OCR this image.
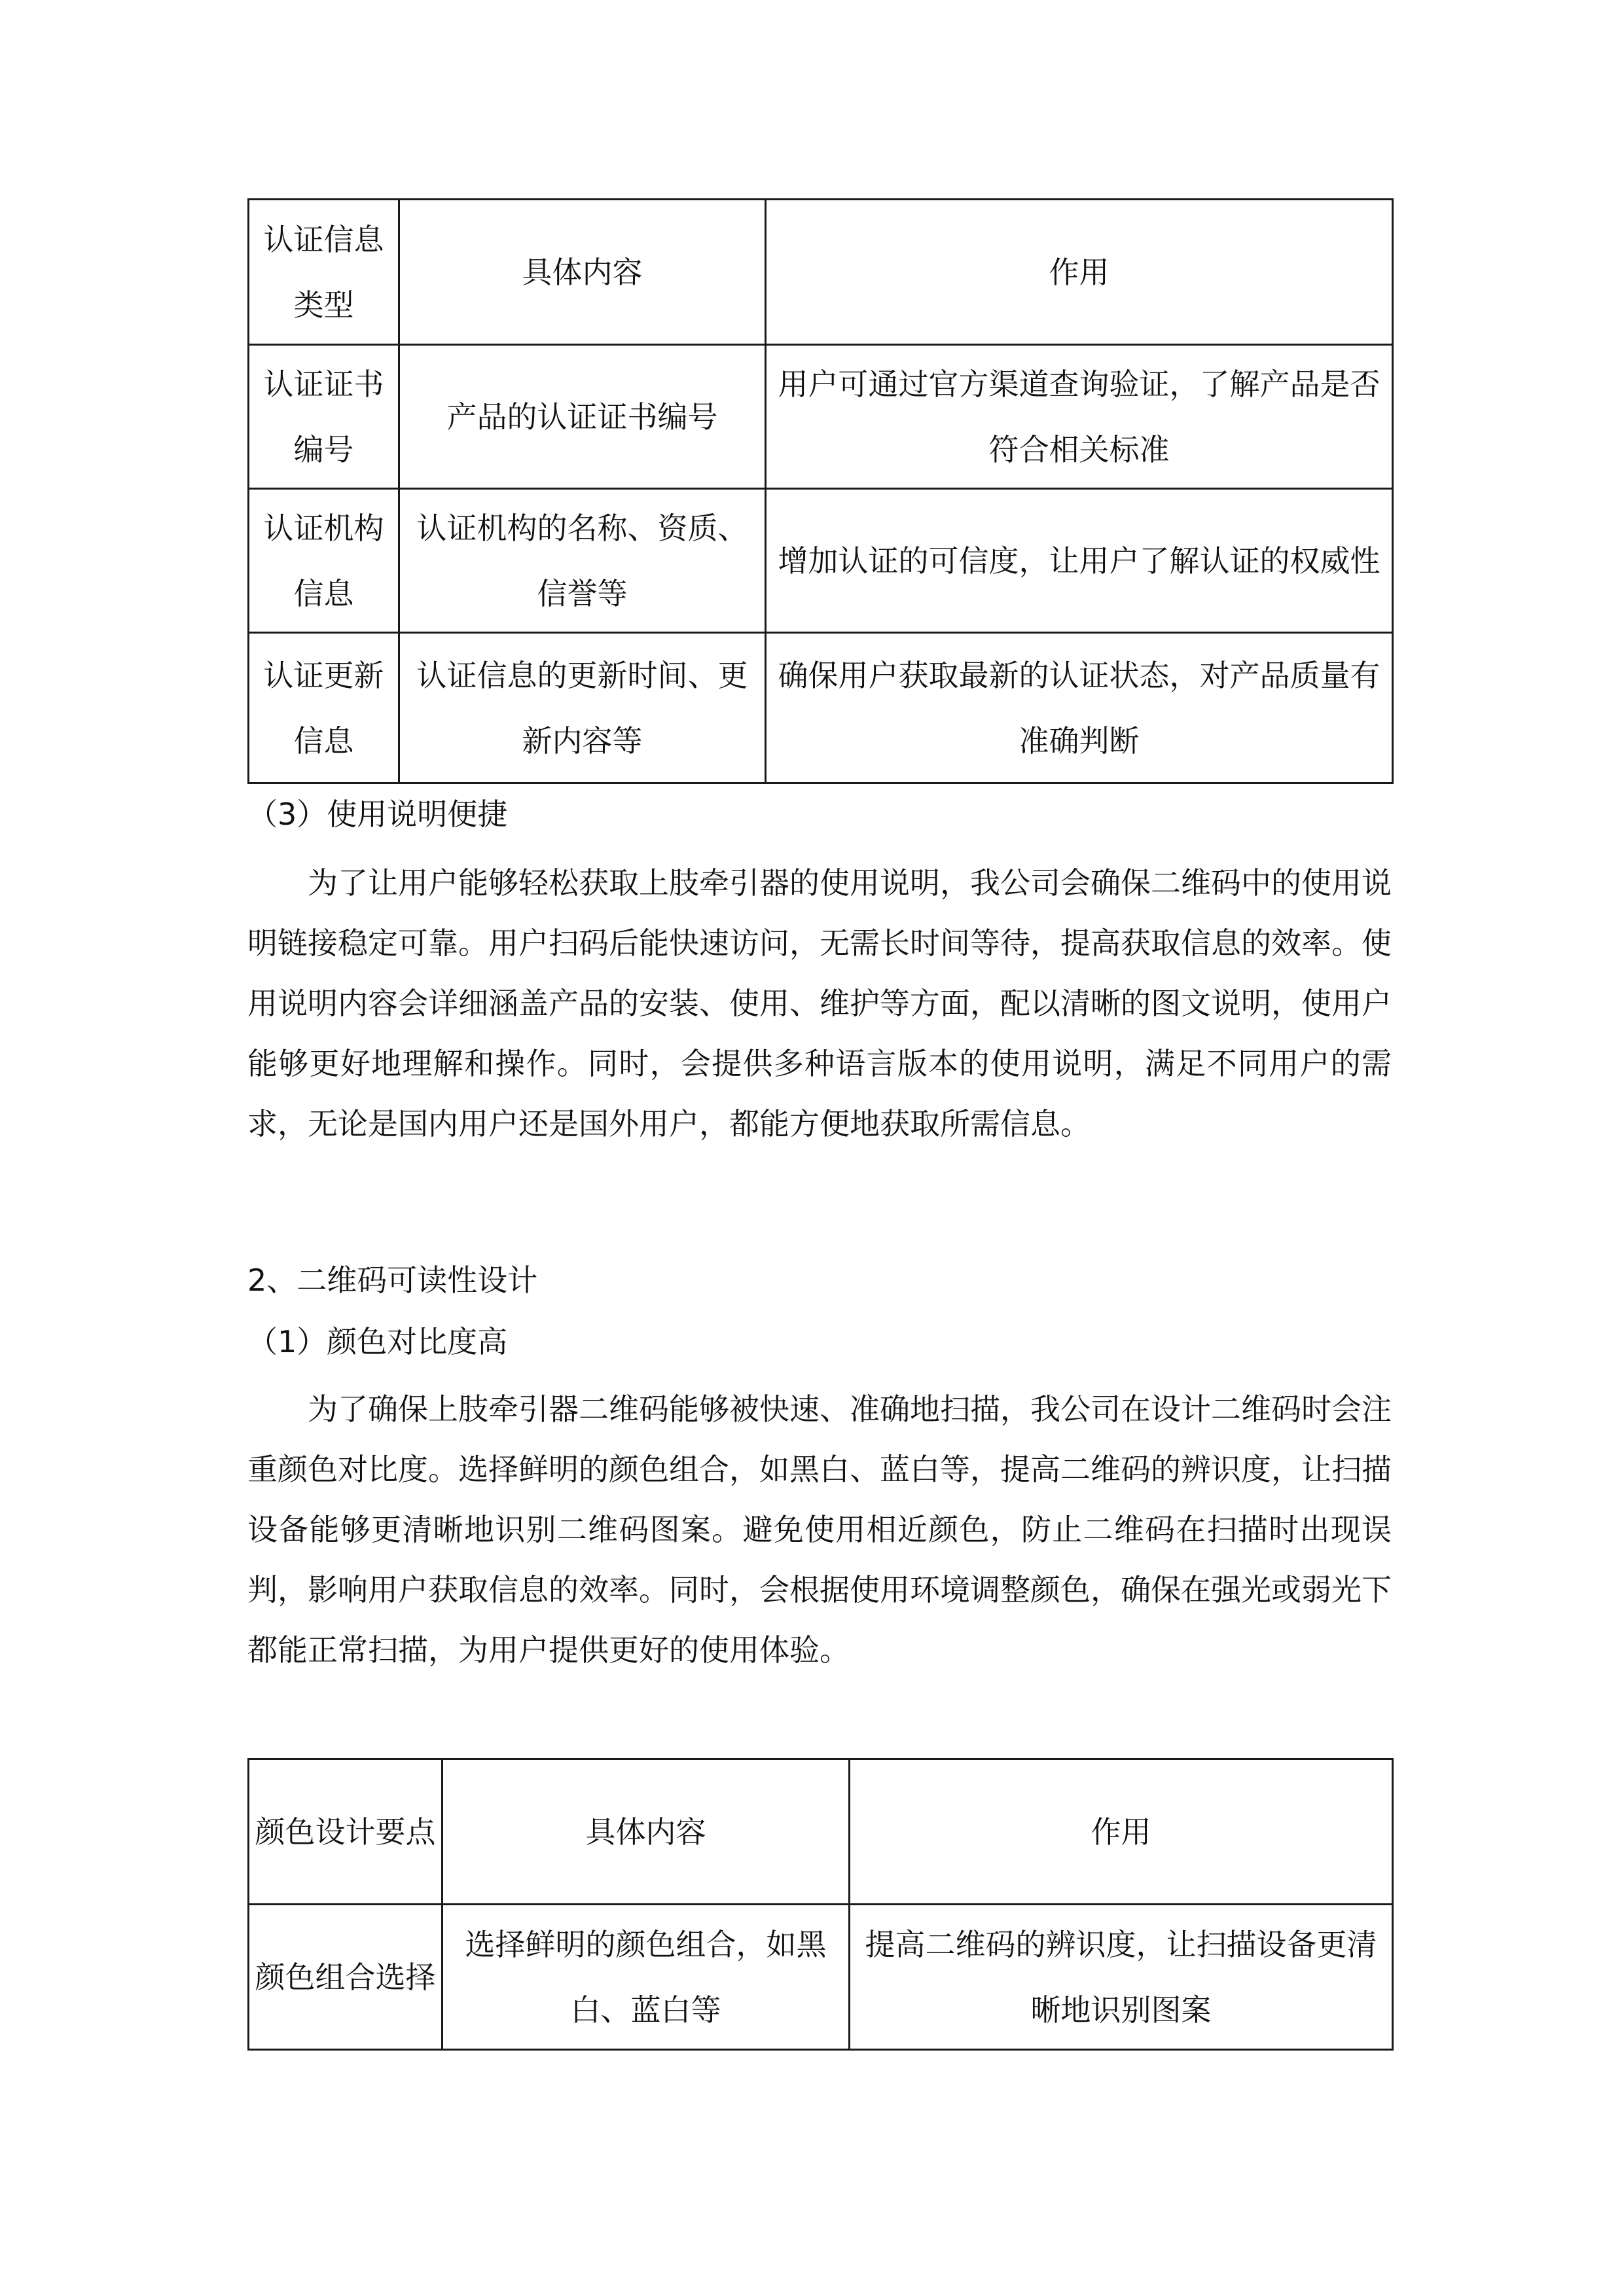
认证信息类型	具体内容	作用
认证证书编号	产品的认证证书编号	用户可通过官方渠道查询验证，了解产品是否符合相关标准
认证机构信息	认证机构的名称、资质、信誉等	增加认证的可信度，让用户了解认证的权威性
认证更新信息	认证信息的更新时间、更新内容等	确保用户获取最新的认证状态，对产品质量有准确判断
（3）使用说明便捷

为了让用户能够轻松获取上肢牵引器的使用说明，我公司会确保二维码中的使用说明链接稳定可靠。用户扫码后能快速访问，无需长时间等待，提高获取信息的效率。使用说明内容会详细涵盖产品的安装、使用、维护等方面，配以清晰的图文说明，使用户能够更好地理解和操作。同时，会提供多种语言版本的使用说明，满足不同用户的需求，无论是国内用户还是国外用户，都能方便地获取所需信息。

2、二维码可读性设计
（1）颜色对比度高

为了确保上肢牵引器二维码能够被快速、准确地扫描，我公司在设计二维码时会注重颜色对比度。选择鲜明的颜色组合，如黑白、蓝白等，提高二维码的辨识度，让扫描设备能够更清晰地识别二维码图案。避免使用相近颜色，防止二维码在扫描时出现误判，影响用户获取信息的效率。同时，会根据使用环境调整颜色，确保在强光或弱光下都能正常扫描，为用户提供更好的使用体验。

颜色设计要点	具体内容	作用
颜色组合选择	选择鲜明的颜色组合，如黑白、蓝白等	提高二维码的辨识度，让扫描设备更清晰地识别图案
